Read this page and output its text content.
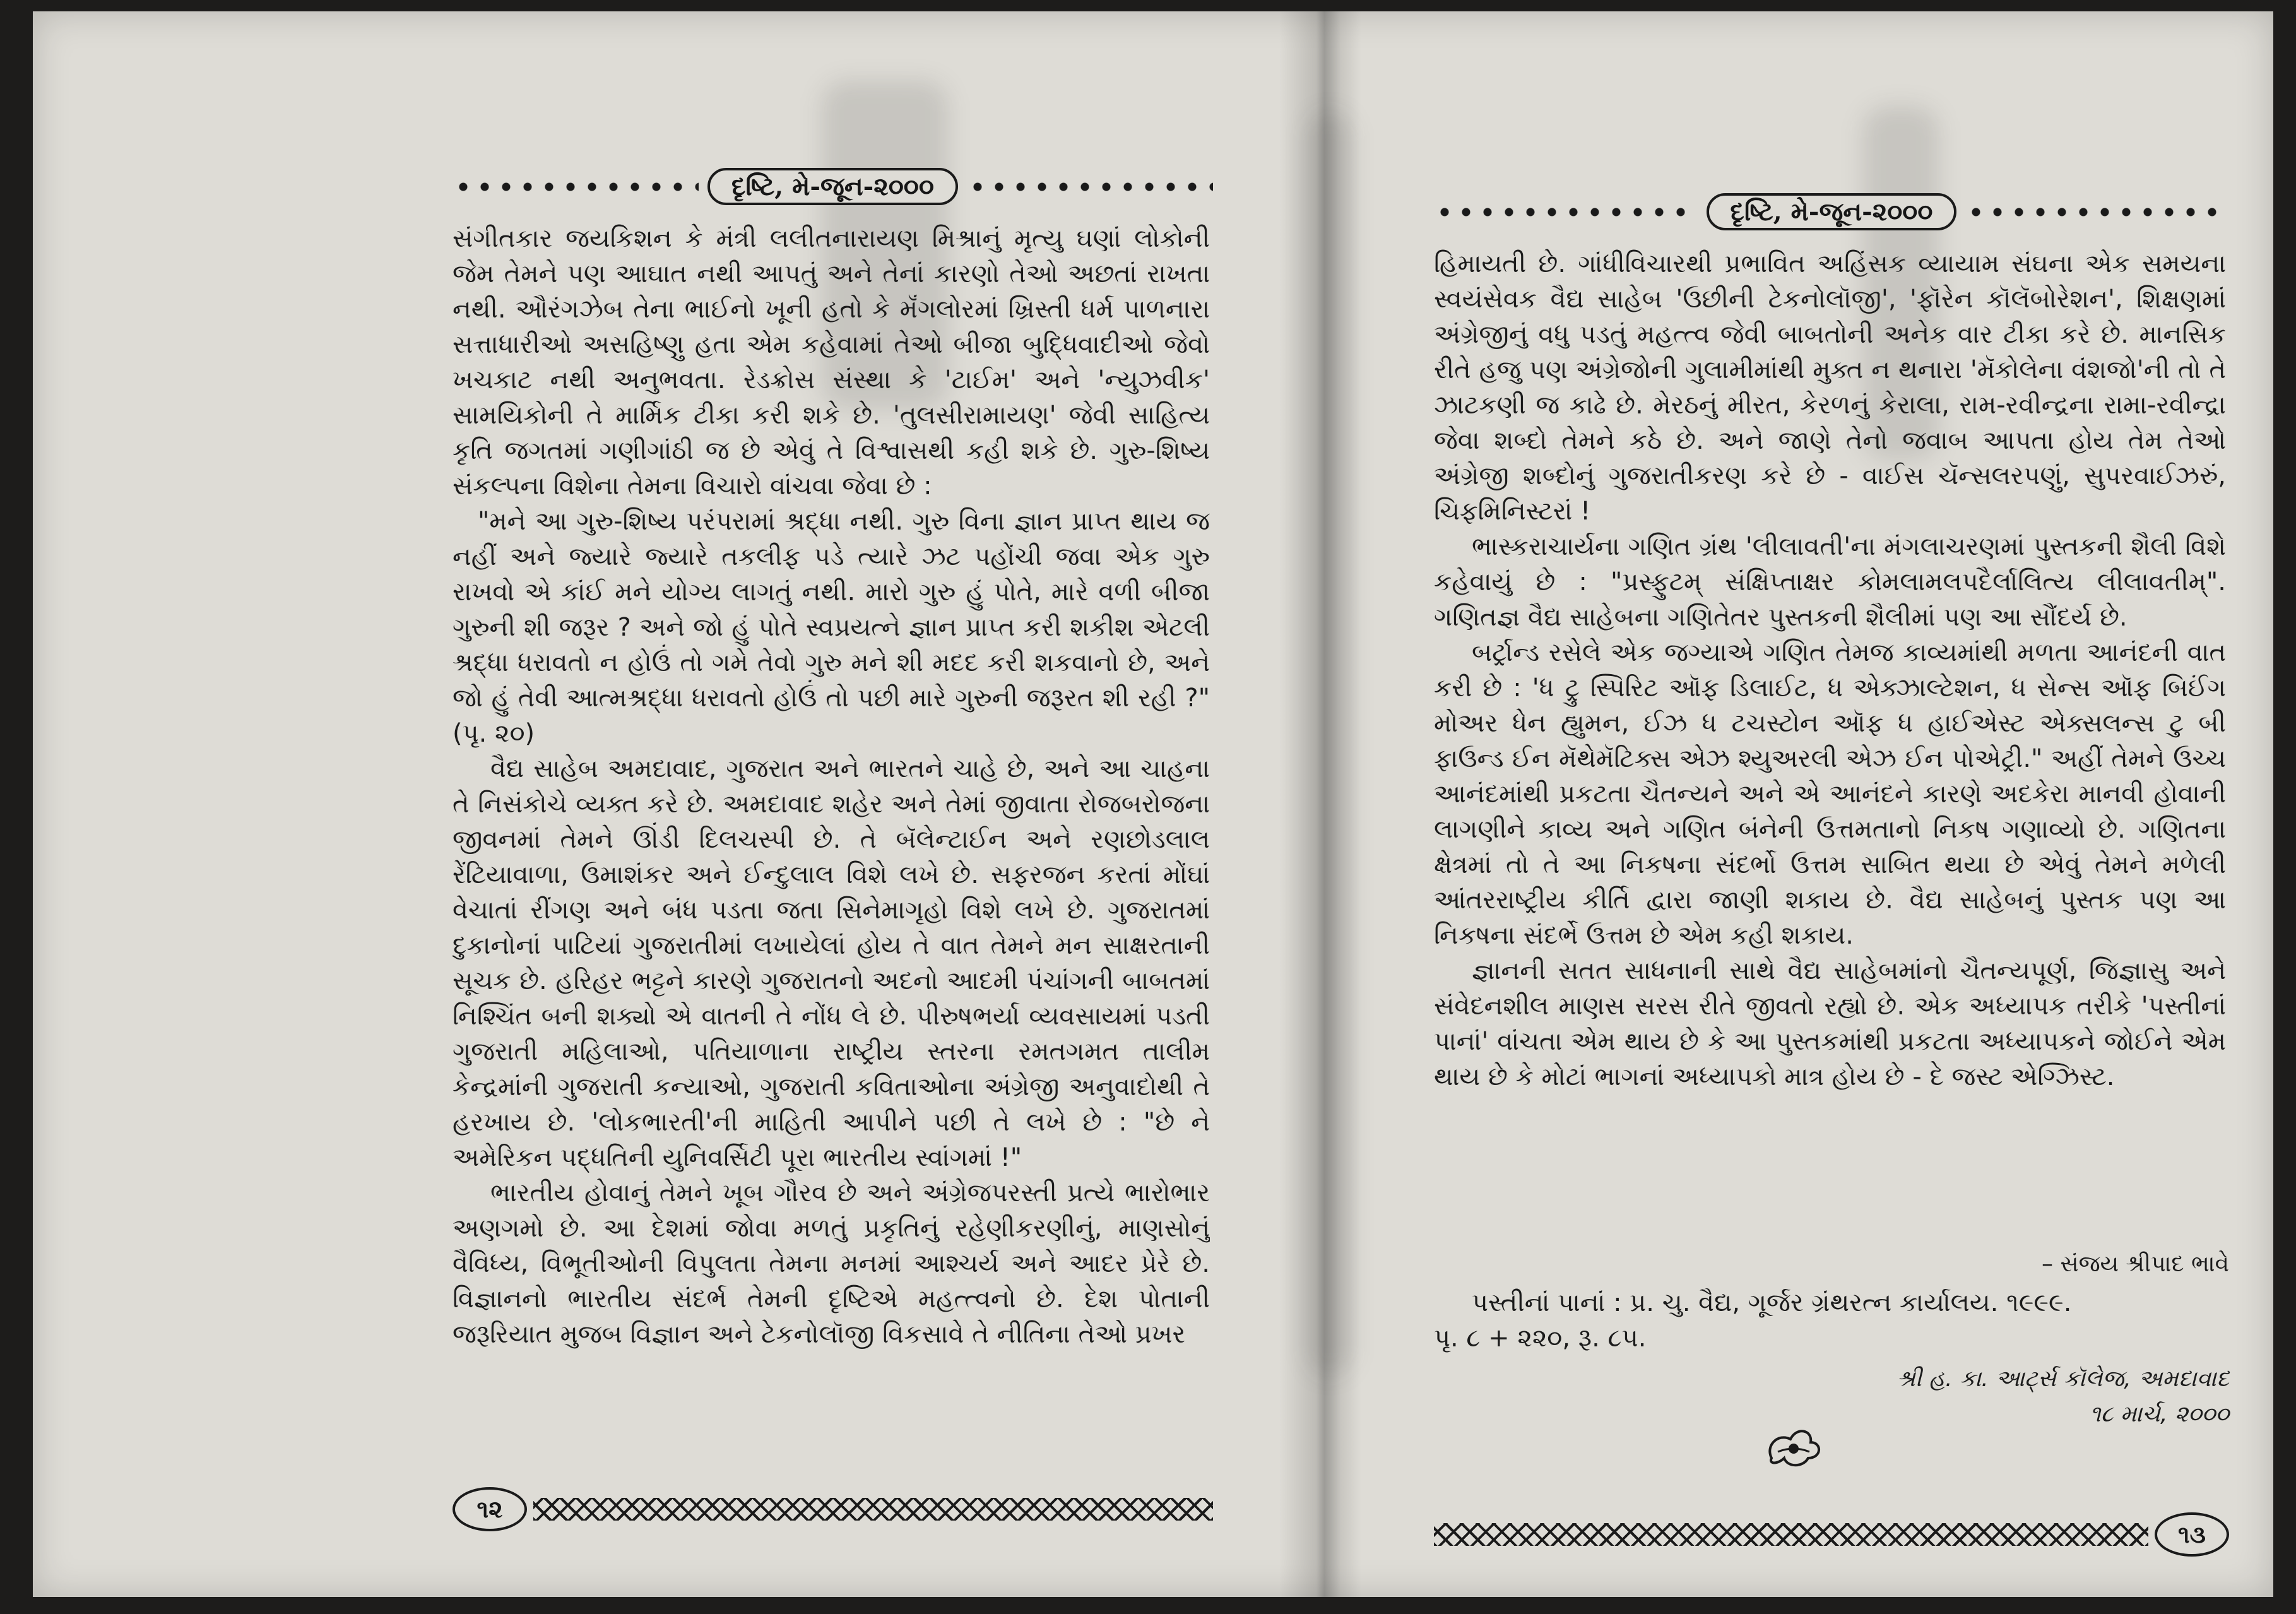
દૃષ્ટિ, મે-જૂન-૨૦૦૦

સંગીતકાર જયકિશન કે મંત્રી લલીતનારાયણ મિશ્રાનું મૃત્યુ ઘણાં લોકોની જેમ તેમને પણ આઘાત નથી આપતું અને તેનાં કારણો તેઓ અછતાં રાખતા નથી. ઔરંગઝેબ તેના ભાઈનો ખૂની હતો કે મૅંગલોરમાં ખ્રિસ્તી ધર્મ પાળનારા સત્તાધારીઓ અસહિષ્ણુ હતા એમ કહેવામાં તેઓ બીજા બુદ્ધિવાદીઓ જેવો ખચકાટ નથી અનુભવતા. રેડક્રોસ સંસ્થા કે 'ટાઈમ' અને 'ન્યુઝવીક' સામયિકોની તે માર્મિક ટીકા કરી શકે છે. 'તુલસીરામાયણ' જેવી સાહિત્ય કૃતિ જગતમાં ગણીગાંઠી જ છે એવું તે વિશ્વાસથી કહી શકે છે. ગુરુ-શિષ્ય સંકલ્પના વિશેના તેમના વિચારો વાંચવા જેવા છે :

"મને આ ગુરુ-શિષ્ય પરંપરામાં શ્રદ્ધા નથી. ગુરુ વિના જ્ઞાન પ્રાપ્ત થાય જ નહીં અને જ્યારે જ્યારે તકલીફ પડે ત્યારે ઝટ પહોંચી જવા એક ગુરુ રાખવો એ કાંઈ મને યોગ્ય લાગતું નથી. મારો ગુરુ હું પોતે, મારે વળી બીજા ગુરુની શી જરૂર ? અને જો હું પોતે સ્વપ્રયત્ને જ્ઞાન પ્રાપ્ત કરી શકીશ એટલી શ્રદ્ધા ધરાવતો ન હોઉં તો ગમે તેવો ગુરુ મને શી મદદ કરી શકવાનો છે, અને જો હું તેવી આત્મશ્રદ્ધા ધરાવતો હોઉં તો પછી મારે ગુરુની જરૂરત શી રહી ?" (પૃ. ૨૦)

વૈદ્ય સાહેબ અમદાવાદ, ગુજરાત અને ભારતને ચાહે છે, અને આ ચાહના તે નિસંકોચે વ્યક્ત કરે છે. અમદાવાદ શહેર અને તેમાં જીવાતા રોજબરોજના જીવનમાં તેમને ઊંડી દિલચસ્પી છે. તે બૅલેન્ટાઈન અને રણછોડલાલ રેંટિયાવાળા, ઉમાશંકર અને ઈન્દુલાલ વિશે લખે છે. સફરજન કરતાં મોંઘાં વેચાતાં રીંગણ અને બંધ પડતા જતા સિનેમાગૃહો વિશે લખે છે. ગુજરાતમાં દુકાનોનાં પાટિયાં ગુજરાતીમાં લખાયેલાં હોય તે વાત તેમને મન સાક્ષરતાની સૂચક છે. હરિહર ભટ્ટને કારણે ગુજરાતનો અદનો આદમી પંચાંગની બાબતમાં નિશ્ચિંત બની શક્યો એ વાતની તે નોંધ લે છે. પીરુષભર્યા વ્યવસાયમાં પડતી ગુજરાતી મહિલાઓ, પતિયાળાના રાષ્ટ્રીય સ્તરના રમતગમત તાલીમ કેન્દ્રમાંની ગુજરાતી કન્યાઓ, ગુજરાતી કવિતાઓના અંગ્રેજી અનુવાદોથી તે હરખાય છે. 'લોકભારતી'ની માહિતી આપીને પછી તે લખે છે : "છે ને અમેરિકન પદ્ધતિની યુનિવર્સિટી પૂરા ભારતીય સ્વાંગમાં !"

ભારતીય હોવાનું તેમને ખૂબ ગૌરવ છે અને અંગ્રેજપરસ્તી પ્રત્યે ભારોભાર અણગમો છે. આ દેશમાં જોવા મળતું પ્રકૃતિનું રહેણીકરણીનું, માણસોનું વૈવિધ્ય, વિભૂતીઓની વિપુલતા તેમના મનમાં આશ્ચર્ય અને આદર પ્રેરે છે. વિજ્ઞાનનો ભારતીય સંદર્ભ તેમની દૃષ્ટિએ મહત્ત્વનો છે. દેશ પોતાની જરૂરિયાત મુજબ વિજ્ઞાન અને ટેકનોલૉજી વિકસાવે તે નીતિના તેઓ પ્રખર

૧૨
દૃષ્ટિ, મે-જૂન-૨૦૦૦

હિમાયતી છે. ગાંધીવિચારથી પ્રભાવિત અહિંસક વ્યાયામ સંઘના એક સમયના સ્વયંસેવક વૈદ્ય સાહેબ 'ઉછીની ટેકનોલૉજી', 'ફૉરેન કૉલૅબોરેશન', શિક્ષણમાં અંગ્રેજીનું વધુ પડતું મહત્ત્વ જેવી બાબતોની અનેક વાર ટીકા કરે છે. માનસિક રીતે હજુ પણ અંગ્રેજોની ગુલામીમાંથી મુક્ત ન થનારા 'મૅકોલેના વંશજો'ની તો તે ઝાટકણી જ કાઢે છે. મેરઠનું મીરત, કેરળનું કેરાલા, રામ-રવીન્દ્રના રામા-રવીન્દ્રા જેવા શબ્દો તેમને કઠે છે. અને જાણે તેનો જવાબ આપતા હોય તેમ તેઓ અંગ્રેજી શબ્દોનું ગુજરાતીકરણ કરે છે - વાઈસ ચૅન્સલરપણું, સુપરવાઈઝરું, ચિફમિનિસ્ટરાં !

ભાસ્કરાચાર્યના ગણિત ગ્રંથ 'લીલાવતી'ના મંગલાચરણમાં પુસ્તકની શૈલી વિશે કહેવાયું છે : "પ્રસ્ફુટમ્ સંક્ષિપ્તાક્ષર કોમલામલપદૈર્લાલિત્ય લીલાવતીમ્". ગણિતજ્ઞ વૈદ્ય સાહેબના ગણિતેતર પુસ્તકની શૈલીમાં પણ આ સૌંદર્ય છે.

બર્ટ્રાન્ડ રસેલે એક જગ્યાએ ગણિત તેમજ કાવ્યમાંથી મળતા આનંદની વાત કરી છે : 'ધ ટ્રુ સ્પિરિટ ઑફ ડિલાઈટ, ધ એક્ઝાલ્ટેશન, ધ સેન્સ ઑફ બિઈંગ મોઅર ધેન હ્યુમન, ઈઝ ધ ટચસ્ટોન ઑફ ધ હાઈએસ્ટ એક્સલન્સ ટુ બી ફાઉન્ડ ઈન મૅથેમૅટિક્સ એઝ શ્યુઅરલી એઝ ઈન પોએટ્રી." અહીં તેમને ઉચ્ચ આનંદમાંથી પ્રકટતા ચૈતન્યને અને એ આનંદને કારણે અદકેરા માનવી હોવાની લાગણીને કાવ્ય અને ગણિત બંનેની ઉત્તમતાનો નિકષ ગણાવ્યો છે. ગણિતના ક્ષેત્રમાં તો તે આ નિકષના સંદર્ભો ઉત્તમ સાબિત થયા છે એવું તેમને મળેલી આંતરરાષ્ટ્રીય કીર્તિ દ્વારા જાણી શકાય છે. વૈદ્ય સાહેબનું પુસ્તક પણ આ નિકષના સંદર્ભે ઉત્તમ છે એમ કહી શકાય.

જ્ઞાનની સતત સાધનાની સાથે વૈદ્ય સાહેબમાંનો ચૈતન્યપૂર્ણ, જિજ્ઞાસુ અને સંવેદનશીલ માણસ સરસ રીતે જીવતો રહ્યો છે. એક અધ્યાપક તરીકે 'પસ્તીનાં પાનાં' વાંચતા એમ થાય છે કે આ પુસ્તકમાંથી પ્રકટતા અધ્યાપકને જોઈને એમ થાય છે કે મોટાં ભાગનાં અધ્યાપકો માત્ર હોય છે - દે જસ્ટ એગ્ઝિસ્ટ.

– સંજય શ્રીપાદ ભાવે

પસ્તીનાં પાનાં : પ્ર. ચુ. વૈદ્ય, ગૂર્જર ગ્રંથરત્ન કાર્યાલય. ૧૯૯૯.

પૃ. ૮ + ૨૨૦, રૂ. ૮૫.

શ્રી હ. કા. આર્ટ્સ કૉલેજ, અમદાવાદ
૧૮ માર્ચ, ૨૦૦૦
૧૩
